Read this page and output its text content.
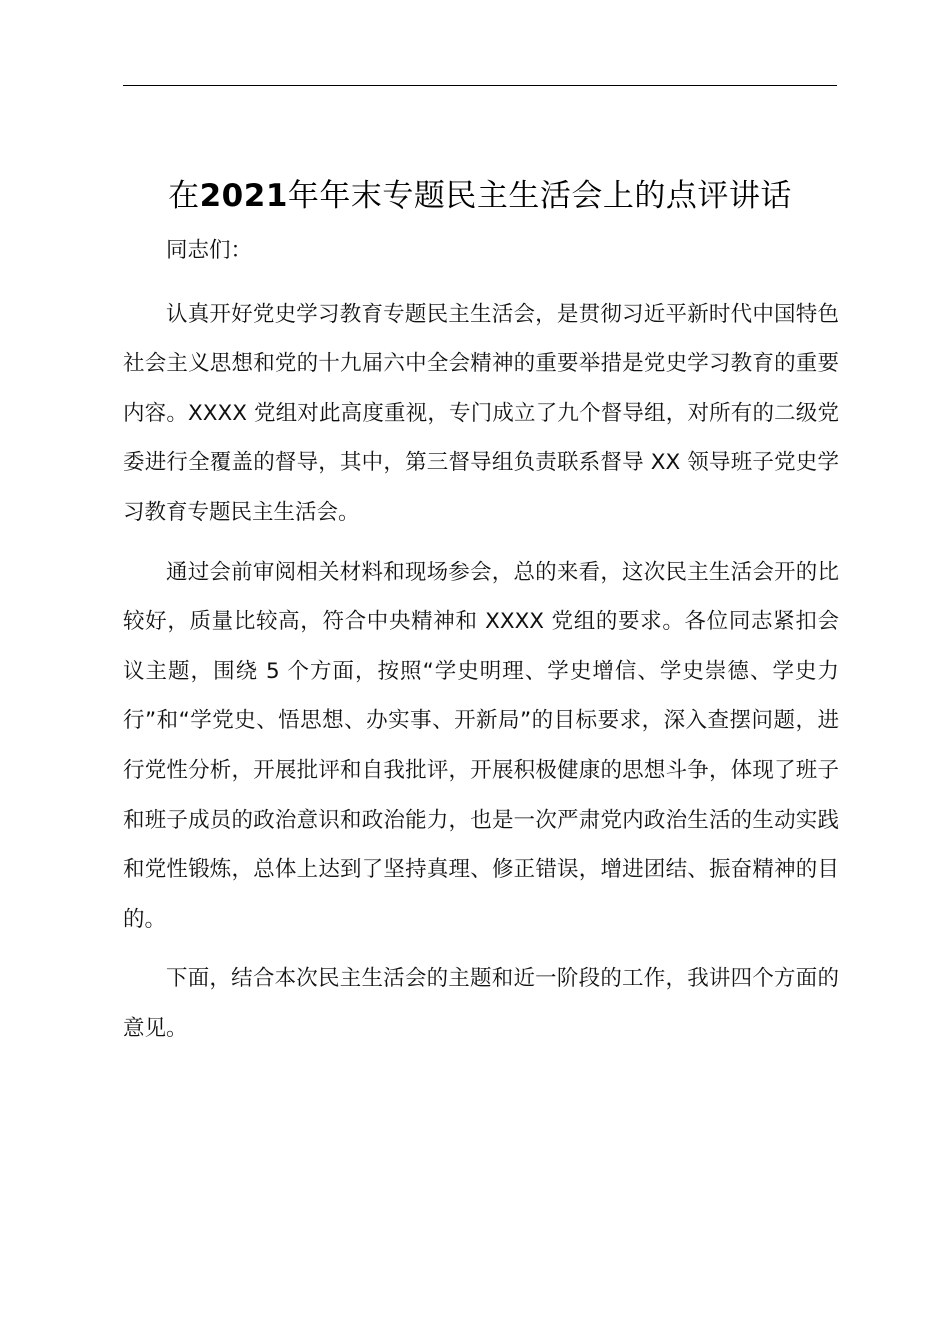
在2021年年末专题民主生活会上的点评讲话

同志们：

认真开好党史学习教育专题民主生活会，是贯彻习近平新时代中国特色社会主义思想和党的十九届六中全会精神的重要举措是党史学习教育的重要内容。XXXX 党组对此高度重视，专门成立了九个督导组，对所有的二级党委进行全覆盖的督导，其中，第三督导组负责联系督导 XX 领导班子党史学习教育专题民主生活会。

通过会前审阅相关材料和现场参会，总的来看，这次民主生活会开的比较好，质量比较高，符合中央精神和 XXXX 党组的要求。各位同志紧扣会议主题，围绕 5 个方面，按照“学史明理、学史增信、学史崇德、学史力行”和“学党史、悟思想、办实事、开新局”的目标要求，深入查摆问题，进行党性分析，开展批评和自我批评，开展积极健康的思想斗争，体现了班子和班子成员的政治意识和政治能力，也是一次严肃党内政治生活的生动实践和党性锻炼，总体上达到了坚持真理、修正错误，增进团结、振奋精神的目的。

下面，结合本次民主生活会的主题和近一阶段的工作，我讲四个方面的意见。
